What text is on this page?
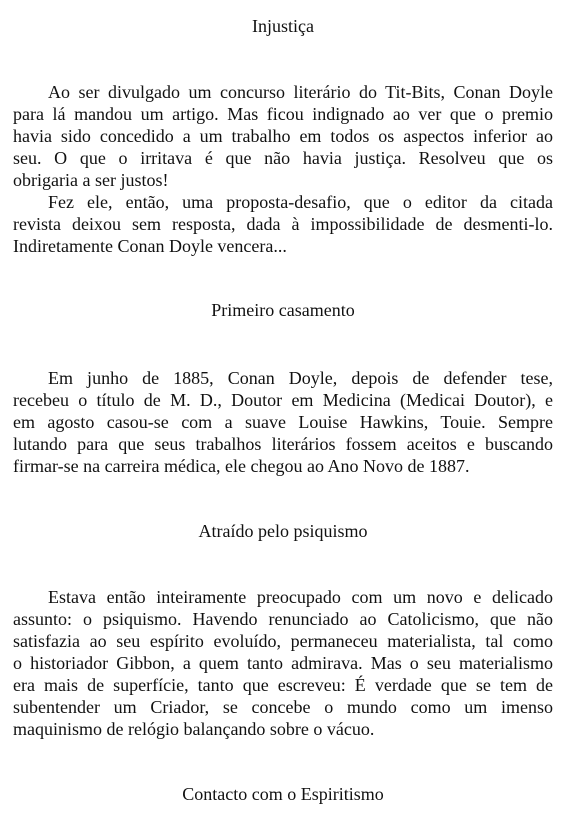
Injustiça
Ao ser divulgado um concurso literário do Tit-Bits, Conan Doyle
para lá mandou um artigo. Mas ficou indignado ao ver que o premio
havia sido concedido a um trabalho em todos os aspectos inferior ao
seu. O que o irritava é que não havia justiça. Resolveu que os
obrigaria a ser justos!
Fez ele, então, uma proposta-desafio, que o editor da citada
revista deixou sem resposta, dada à impossibilidade de desmenti-lo.
Indiretamente Conan Doyle vencera...
Primeiro casamento
Em junho de 1885, Conan Doyle, depois de defender tese,
recebeu o título de M. D., Doutor em Medicina (Medicai Doutor), e
em agosto casou-se com a suave Louise Hawkins, Touie. Sempre
lutando para que seus trabalhos literários fossem aceitos e buscando
firmar-se na carreira médica, ele chegou ao Ano Novo de 1887.
Atraído pelo psiquismo
Estava então inteiramente preocupado com um novo e delicado
assunto: o psiquismo. Havendo renunciado ao Catolicismo, que não
satisfazia ao seu espírito evoluído, permaneceu materialista, tal como
o historiador Gibbon, a quem tanto admirava. Mas o seu materialismo
era mais de superfície, tanto que escreveu: É verdade que se tem de
subentender um Criador, se concebe o mundo como um imenso
maquinismo de relógio balançando sobre o vácuo.
Contacto com o Espiritismo
